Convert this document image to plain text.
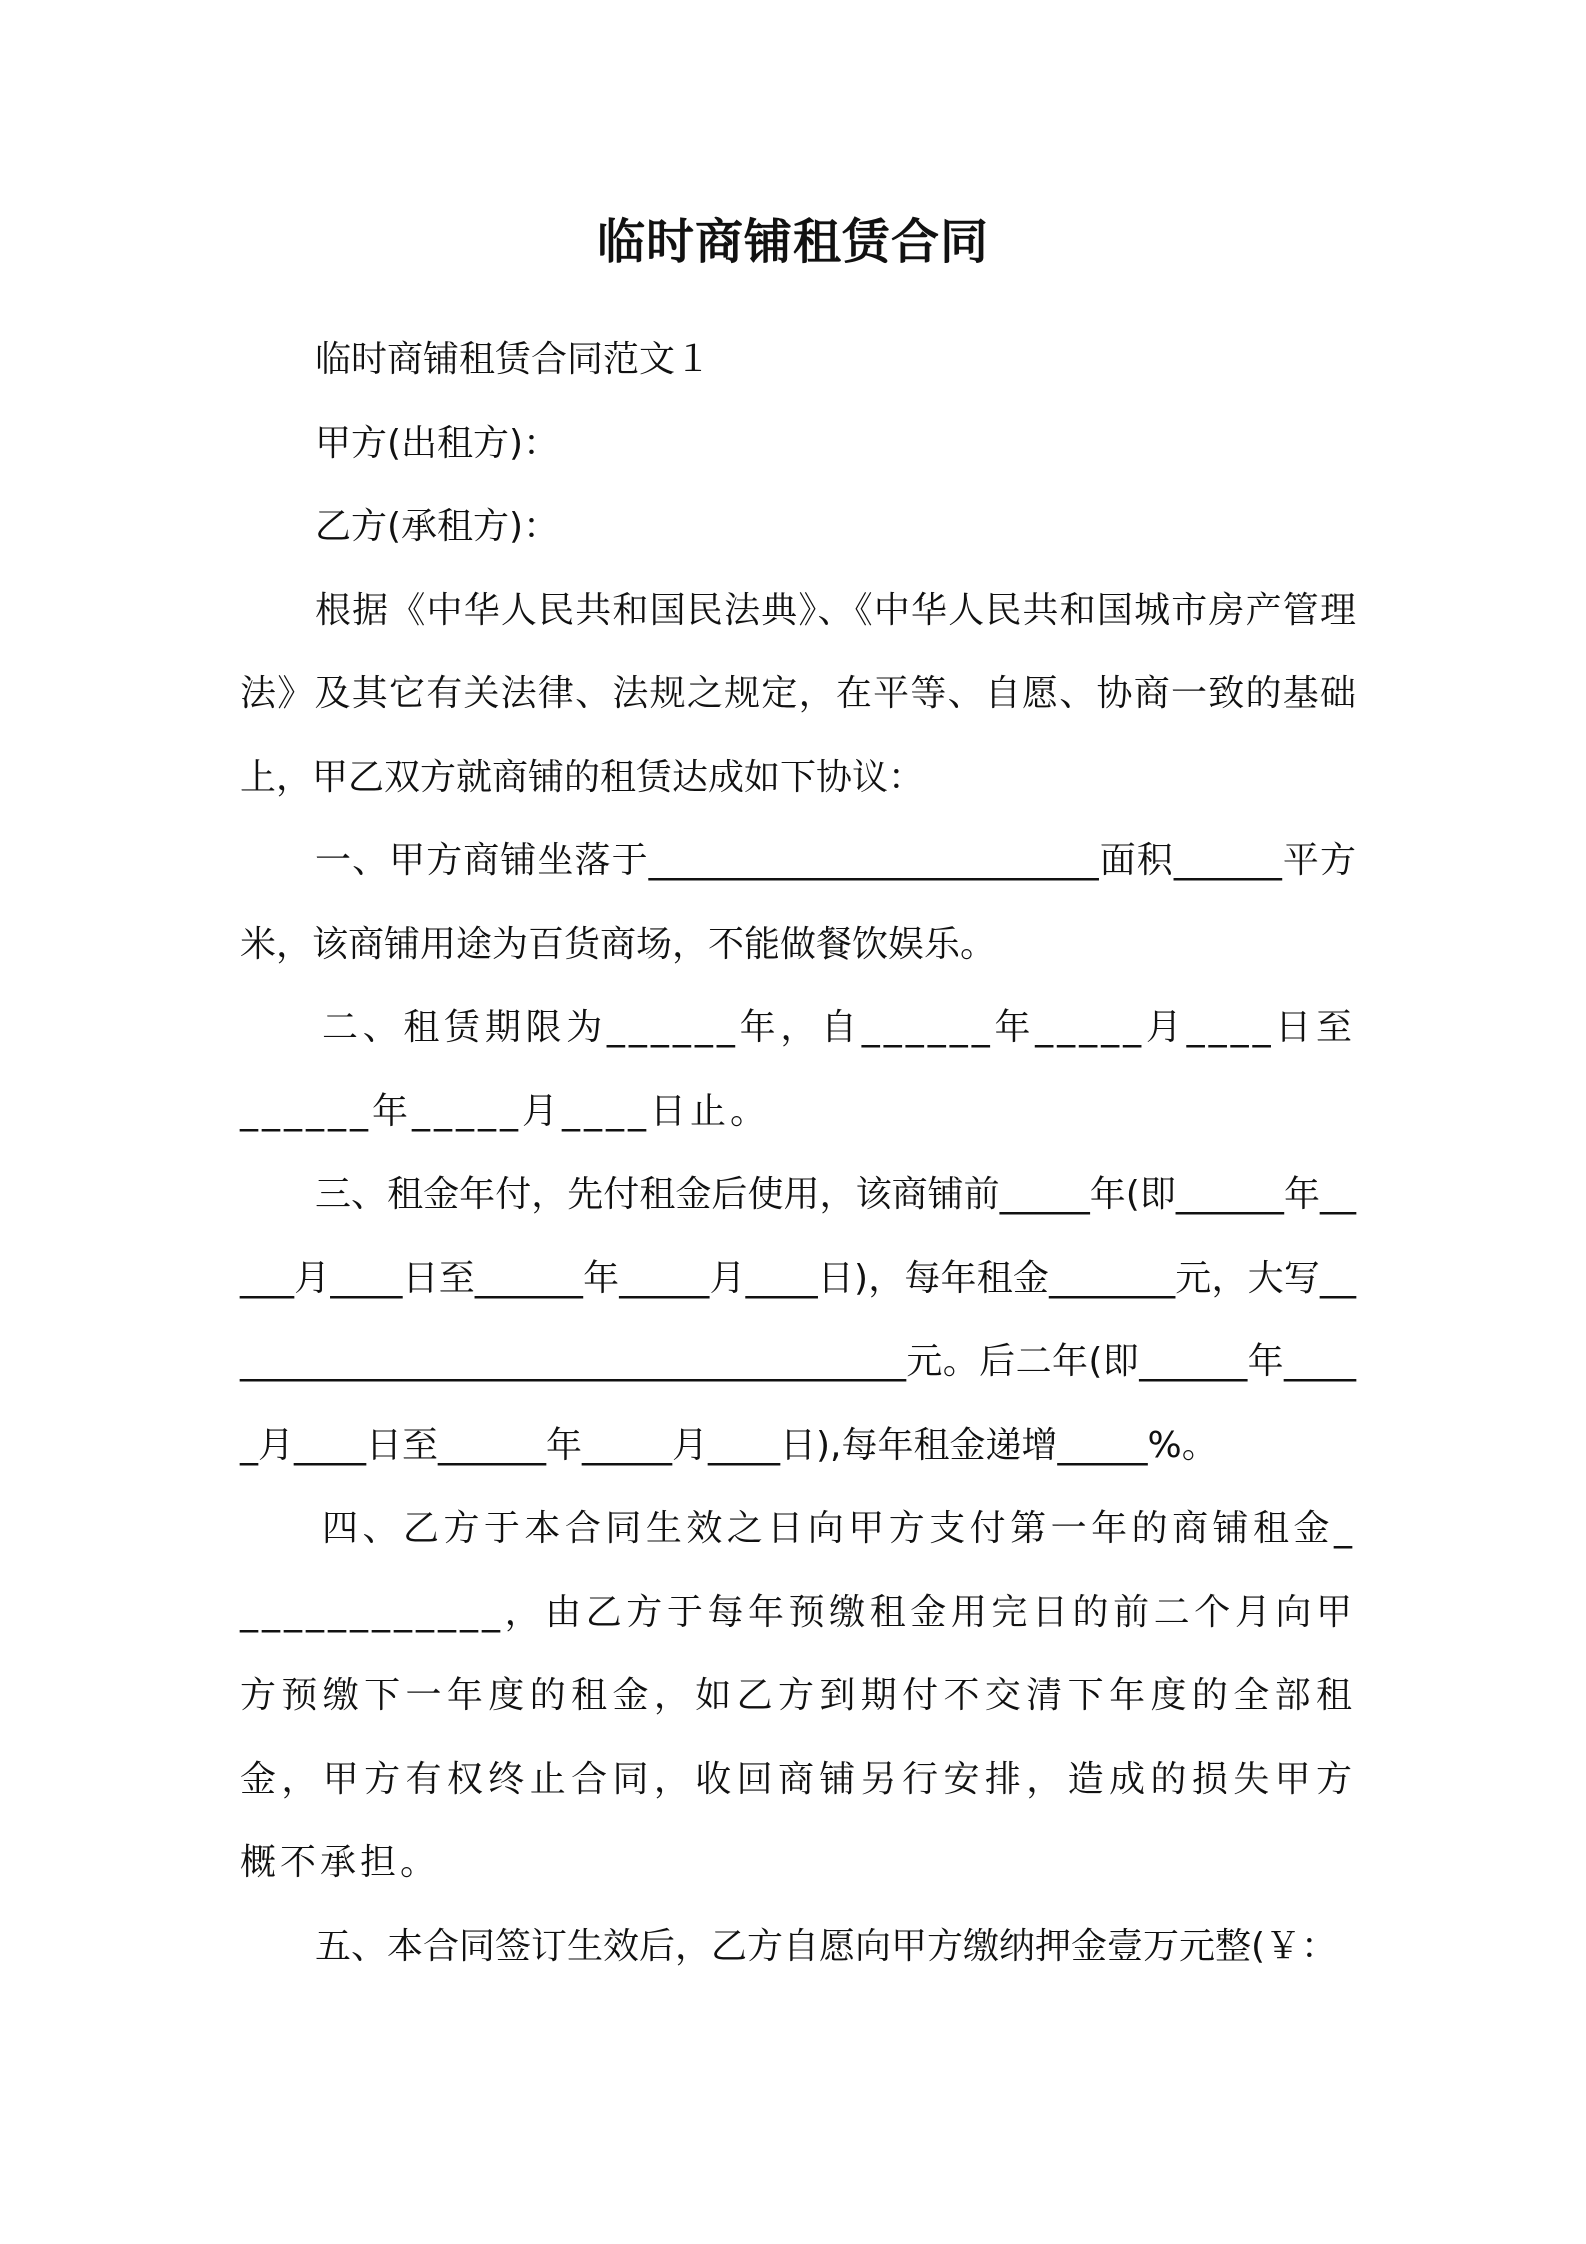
临时商铺租赁合同

临时商铺租赁合同范文１

甲方(出租方)：

乙方(承租方)：

根据《中华人民共和国民法典》、《中华人民共和国城市房产管理法》及其它有关法律、法规之规定，在平等、自愿、协商一致的基础上，甲乙双方就商铺的租赁达成如下协议：

一、甲方商铺坐落于_________________________面积______平方米，该商铺用途为百货商场，不能做餐饮娱乐。

二、租赁期限为______年，自______年_____月____日至______年_____月____日止。

三、租金年付，先付租金后使用，该商铺前_____年(即______年_____月____日至______年_____月____日)，每年租金_______元，大写_______________________________________元。后二年(即______年_____月____日至______年_____月____日),每年租金递增_____%。

四、乙方于本合同生效之日向甲方支付第一年的商铺租金_____________，由乙方于每年预缴租金用完日的前二个月向甲方预缴下一年度的租金，如乙方到期付不交清下年度的全部租金，甲方有权终止合同，收回商铺另行安排，造成的损失甲方概不承担。

五、本合同签订生效后，乙方自愿向甲方缴纳押金壹万元整(￥：
